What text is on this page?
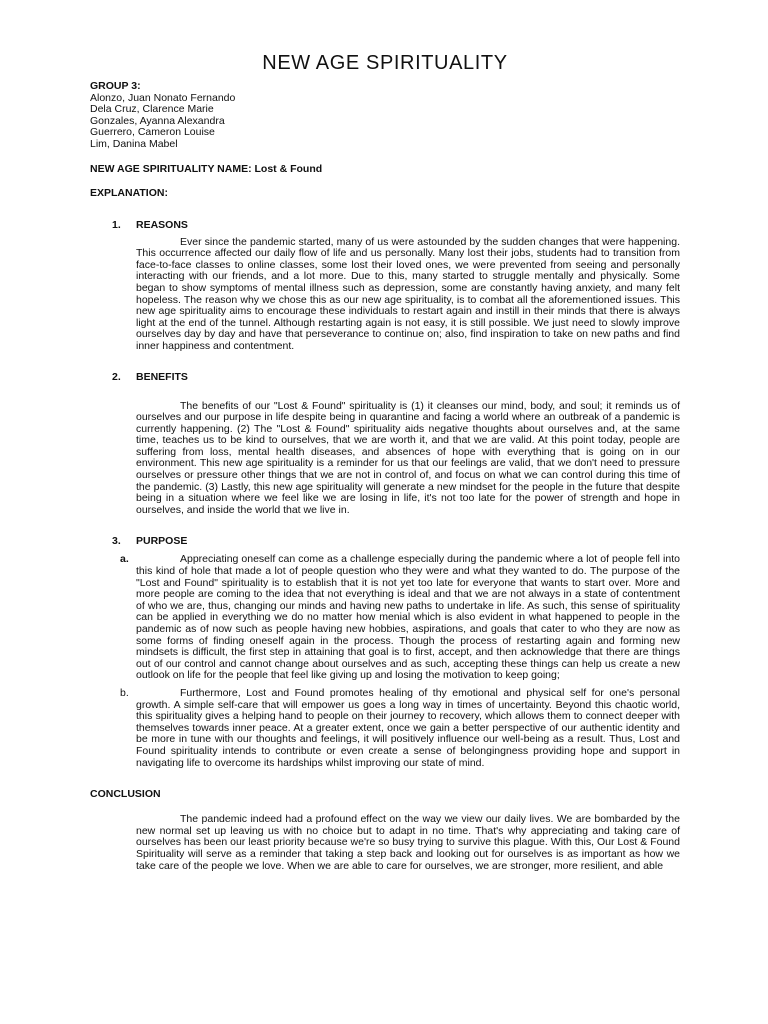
NEW AGE SPIRITUALITY
GROUP 3:
Alonzo, Juan Nonato Fernando
Dela Cruz, Clarence Marie
Gonzales, Ayanna Alexandra
Guerrero, Cameron Louise
Lim, Danina Mabel
NEW AGE SPIRITUALITY NAME: Lost & Found
EXPLANATION:
1. REASONS
Ever since the pandemic started, many of us were astounded by the sudden changes that were happening. This occurrence affected our daily flow of life and us personally. Many lost their jobs, students had to transition from face-to-face classes to online classes, some lost their loved ones, we were prevented from seeing and personally interacting with our friends, and a lot more. Due to this, many started to struggle mentally and physically. Some began to show symptoms of mental illness such as depression, some are constantly having anxiety, and many felt hopeless. The reason why we chose this as our new age spirituality, is to combat all the aforementioned issues. This new age spirituality aims to encourage these individuals to restart again and instill in their minds that there is always light at the end of the tunnel. Although restarting again is not easy, it is still possible. We just need to slowly improve ourselves day by day and have that perseverance to continue on; also, find inspiration to take on new paths and find inner happiness and contentment.
2. BENEFITS
The benefits of our "Lost & Found" spirituality is (1) it cleanses our mind, body, and soul; it reminds us of ourselves and our purpose in life despite being in quarantine and facing a world where an outbreak of a pandemic is currently happening. (2) The "Lost & Found" spirituality aids negative thoughts about ourselves and, at the same time, teaches us to be kind to ourselves, that we are worth it, and that we are valid. At this point today, people are suffering from loss, mental health diseases, and absences of hope with everything that is going on in our environment. This new age spirituality is a reminder for us that our feelings are valid, that we don't need to pressure ourselves or pressure other things that we are not in control of, and focus on what we can control during this time of the pandemic. (3) Lastly, this new age spirituality will generate a new mindset for the people in the future that despite being in a situation where we feel like we are losing in life, it's not too late for the power of strength and hope in ourselves, and inside the world that we live in.
3. PURPOSE
a.	Appreciating oneself can come as a challenge especially during the pandemic where a lot of people fell into this kind of hole that made a lot of people question who they were and what they wanted to do. The purpose of the "Lost and Found" spirituality is to establish that it is not yet too late for everyone that wants to start over. More and more people are coming to the idea that not everything is ideal and that we are not always in a state of contentment of who we are, thus, changing our minds and having new paths to undertake in life. As such, this sense of spirituality can be applied in everything we do no matter how menial which is also evident in what happened to people in the pandemic as of now such as people having new hobbies, aspirations, and goals that cater to who they are now as some forms of finding oneself again in the process. Though the process of restarting again and forming new mindsets is difficult, the first step in attaining that goal is to first, accept, and then acknowledge that there are things out of our control and cannot change about ourselves and as such, accepting these things can help us create a new outlook on life for the people that feel like giving up and losing the motivation to keep going;
b.	Furthermore, Lost and Found promotes healing of thy emotional and physical self for one's personal growth. A simple self-care that will empower us goes a long way in times of uncertainty. Beyond this chaotic world, this spirituality gives a helping hand to people on their journey to recovery, which allows them to connect deeper with themselves towards inner peace. At a greater extent, once we gain a better perspective of our authentic identity and be more in tune with our thoughts and feelings, it will positively influence our well-being as a result. Thus, Lost and Found spirituality intends to contribute or even create a sense of belongingness providing hope and support in navigating life to overcome its hardships whilst improving our state of mind.
CONCLUSION
The pandemic indeed had a profound effect on the way we view our daily lives. We are bombarded by the new normal set up leaving us with no choice but to adapt in no time. That's why appreciating and taking care of ourselves has been our least priority because we're so busy trying to survive this plague. With this, Our Lost & Found Spirituality will serve as a reminder that taking a step back and looking out for ourselves is as important as how we take care of the people we love. When we are able to care for ourselves, we are stronger, more resilient, and able
